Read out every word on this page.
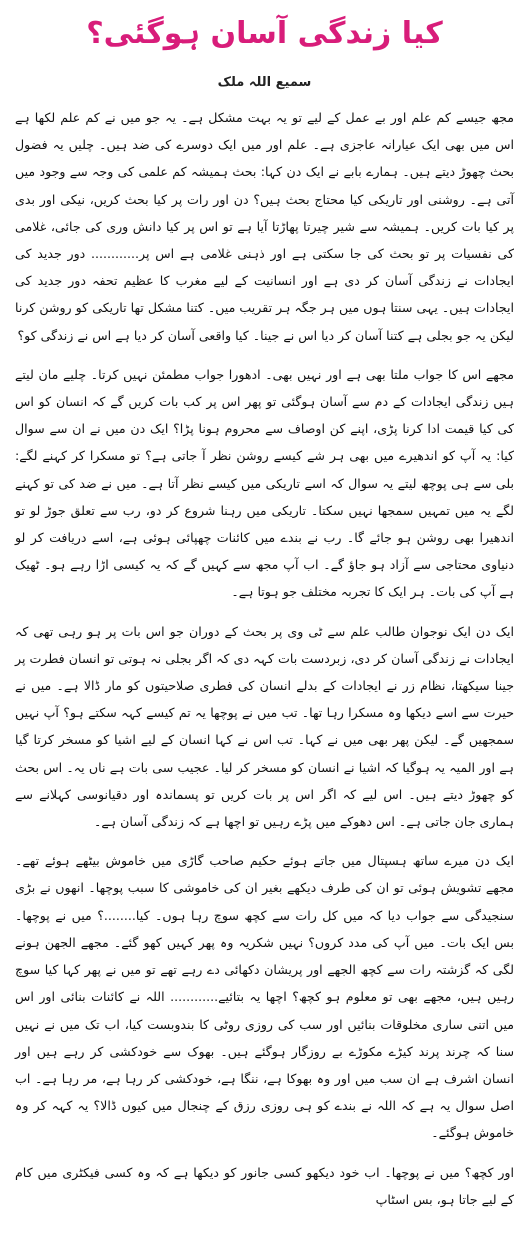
کیا زندگی آسان ہوگئی؟
سمیع اللہ ملک

مجھ جیسے کم علم اور بے عمل کے لیے تو یہ بہت مشکل ہے۔ یہ جو میں نے کم علم لکھا ہے اس میں بھی ایک عیارانہ عاجزی ہے۔ علم اور میں ایک دوسرے کی ضد ہیں۔ چلیں یہ فضول بحث چھوڑ دیتے ہیں۔ ہمارے بابے نے ایک دن کہا: بحث ہمیشہ کم علمی کی وجہ سے وجود میں آتی ہے۔ روشنی اور تاریکی کیا محتاج بحث ہیں؟ دن اور رات پر کیا بحث کریں، نیکی اور بدی پر کیا بات کریں۔ ہمیشہ سے شیر چیرتا پھاڑتا آیا ہے تو اس پر کیا دانش وری کی جائی، غلامی کی نفسیات پر تو بحث کی جا سکتی ہے اور ذہنی غلامی ہے اس پر............ دور جدید کی ایجادات نے زندگی آسان کر دی ہے اور انسانیت کے لیے مغرب کا عظیم تحفہ دور جدید کی ایجادات ہیں۔ یہی سنتا ہوں میں ہر جگہ ہر تقریب میں۔ کتنا مشکل تھا تاریکی کو روشن کرنا لیکن یہ جو بجلی ہے کتنا آسان کر دیا اس نے جینا۔ کیا واقعی آسان کر دیا ہے اس نے زندگی کو؟

مجھے اس کا جواب ملتا بھی ہے اور نہیں بھی۔ ادھورا جواب مطمئن نہیں کرتا۔ چلیے مان لیتے ہیں زندگی ایجادات کے دم سے آسان ہوگئی تو پھر اس پر کب بات کریں گے کہ انسان کو اس کی کیا قیمت ادا کرنا پڑی، اپنے کن اوصاف سے محروم ہونا پڑا؟ ایک دن میں نے ان سے سوال کیا: یہ آپ کو اندھیرے میں بھی ہر شے کیسے روشن نظر آ جاتی ہے؟ تو مسکرا کر کہنے لگے: بلی سے ہی پوچھ لیتے یہ سوال کہ اسے تاریکی میں کیسے نظر آتا ہے۔ میں نے ضد کی تو کہنے لگے یہ میں تمہیں سمجھا نہیں سکتا۔ تاریکی میں رہنا شروع کر دو، رب سے تعلق جوڑ لو تو اندھیرا بھی روشن ہو جائے گا۔ رب نے بندے میں کائنات چھپائی ہوئی ہے، اسے دریافت کر لو دنیاوی محتاجی سے آزاد ہو جاؤ گے۔ اب آپ مجھ سے کہیں گے کہ یہ کیسی اڑا رہے ہو۔ ٹھیک ہے آپ کی بات۔ ہر ایک کا تجربہ مختلف جو ہوتا ہے۔

ایک دن ایک نوجوان طالب علم سے ٹی وی پر بحث کے دوران جو اس بات پر ہو رہی تھی کہ ایجادات نے زندگی آسان کر دی، زبردست بات کہہ دی کہ اگر بجلی نہ ہوتی تو انسان فطرت پر جینا سیکھتا، نظام زر نے ایجادات کے بدلے انسان کی فطری صلاحیتوں کو مار ڈالا ہے۔ میں نے حیرت سے اسے دیکھا وہ مسکرا رہا تھا۔ تب میں نے پوچھا یہ تم کیسے کہہ سکتے ہو؟ آپ نہیں سمجھیں گے۔ لیکن پھر بھی میں نے کہا۔ تب اس نے کہا انسان کے لیے اشیا کو مسخر کرتا گیا ہے اور المیہ یہ ہوگیا کہ اشیا نے انسان کو مسخر کر لیا۔ عجیب سی بات ہے ناں یہ۔ اس بحث کو چھوڑ دیتے ہیں۔ اس لیے کہ اگر اس پر بات کریں تو پسماندہ اور دقیانوسی کہلانے سے ہماری جان جاتی ہے۔ اس دھوکے میں پڑے رہیں تو اچھا ہے کہ زندگی آسان ہے۔

ایک دن میرے ساتھ ہسپتال میں جاتے ہوئے حکیم صاحب گاڑی میں خاموش بیٹھے ہوئے تھے۔ مجھے تشویش ہوئی تو ان کی طرف دیکھے بغیر ان کی خاموشی کا سبب پوچھا۔ انھوں نے بڑی سنجیدگی سے جواب دیا کہ میں کل رات سے کچھ سوچ رہا ہوں۔ کیا........؟ میں نے پوچھا۔ بس ایک بات۔ میں آپ کی مدد کروں؟ نہیں شکریہ وہ پھر کہیں کھو گئے۔ مجھے الجھن ہونے لگی کہ گزشتہ رات سے کچھ الجھے اور پریشان دکھائی دے رہے تھے تو میں نے پھر کہا کیا سوچ رہیں ہیں، مجھے بھی تو معلوم ہو کچھ؟ اچھا یہ بتائیے............ اللہ نے کائنات بنائی اور اس میں اتنی ساری مخلوقات بنائیں اور سب کی روزی روٹی کا بندوبست کیا، اب تک میں نے نہیں سنا کہ چرند پرند کیڑے مکوڑے بے روزگار ہوگئے ہیں۔ بھوک سے خودکشی کر رہے ہیں اور انسان اشرف ہے ان سب میں اور وہ بھوکا ہے، ننگا ہے، خودکشی کر رہا ہے، مر رہا ہے۔ اب اصل سوال یہ ہے کہ اللہ نے بندے کو ہی روزی رزق کے چنجال میں کیوں ڈالا؟ یہ کہہ کر وہ خاموش ہوگئے۔

اور کچھ؟ میں نے پوچھا۔ اب خود دیکھو کسی جانور کو دیکھا ہے کہ وہ کسی فیکٹری میں کام کے لیے جاتا ہو، بس اسٹاپ
